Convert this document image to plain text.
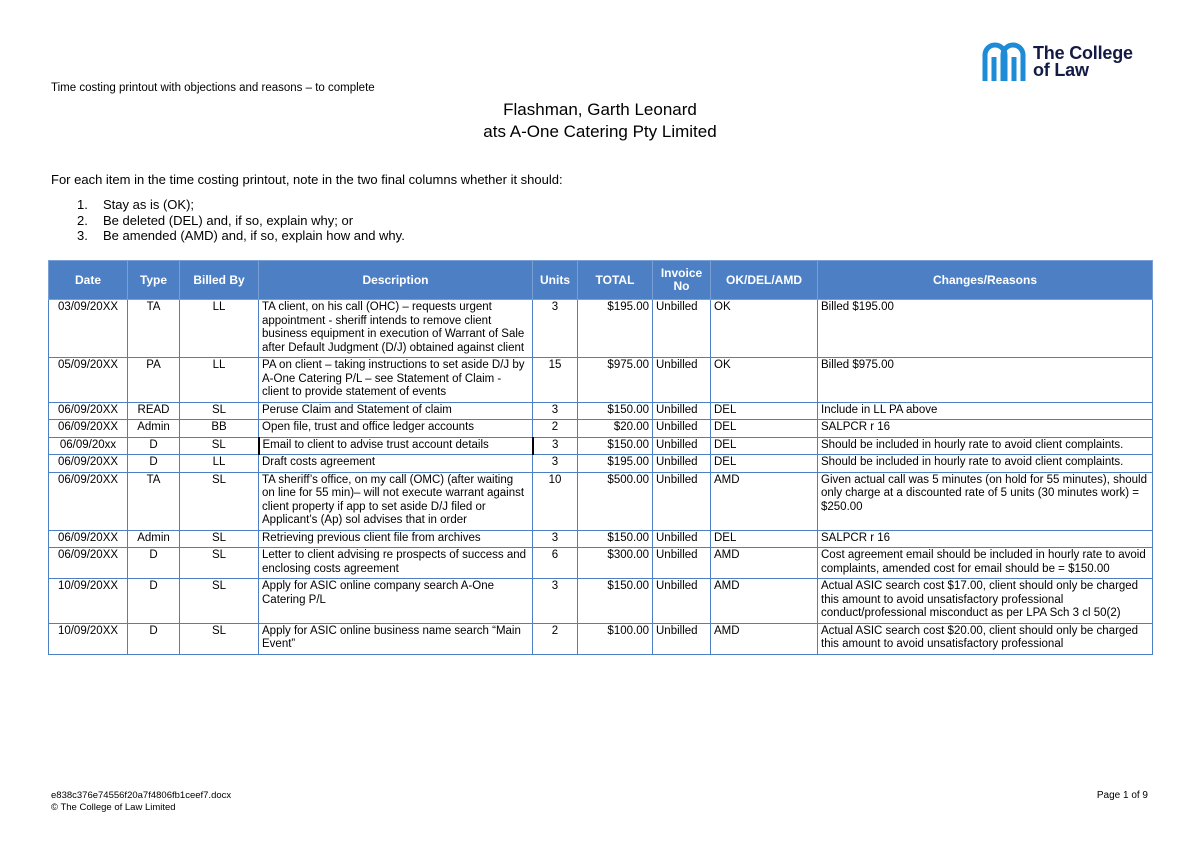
The College
of Law
Time costing printout with objections and reasons – to complete
Flashman, Garth Leonard
ats A-One Catering Pty Limited
For each item in the time costing printout, note in the two final columns whether it should:
1.	Stay as is (OK);
2.	Be deleted (DEL) and, if so, explain why; or
3.	Be amended (AMD) and, if so, explain how and why.
Date	Type	Billed By	Description	Units	TOTAL	Invoice No	OK/DEL/AMD	Changes/Reasons
03/09/20XX	TA	LL	TA client, on his call (OHC) – requests urgent appointment - sheriff intends to remove client business equipment in execution of Warrant of Sale after Default Judgment (D/J) obtained against client	3	$195.00	Unbilled	OK	Billed $195.00
05/09/20XX	PA	LL	PA on client – taking instructions to set aside D/J by A-One Catering P/L – see Statement of Claim - client to provide statement of events	15	$975.00	Unbilled	OK	Billed $975.00
06/09/20XX	READ	SL	Peruse Claim and Statement of claim	3	$150.00	Unbilled	DEL	Include in LL PA above
06/09/20XX	Admin	BB	Open file, trust and office ledger accounts	2	$20.00	Unbilled	DEL	SALPCR r 16
06/09/20xx	D	SL	Email to client to advise trust account details	3	$150.00	Unbilled	DEL	Should be included in hourly rate to avoid client complaints.
06/09/20XX	D	LL	Draft costs agreement	3	$195.00	Unbilled	DEL	Should be included in hourly rate to avoid client complaints.
06/09/20XX	TA	SL	TA sheriff’s office, on my call (OMC) (after waiting on line for 55 min)– will not execute warrant against client property if app to set aside D/J filed or Applicant’s (Ap) sol advises that in order	10	$500.00	Unbilled	AMD	Given actual call was 5 minutes (on hold for 55 minutes), should only charge at a discounted rate of 5 units (30 minutes work) = $250.00
06/09/20XX	Admin	SL	Retrieving previous client file from archives	3	$150.00	Unbilled	DEL	SALPCR r 16
06/09/20XX	D	SL	Letter to client advising re prospects of success and enclosing costs agreement	6	$300.00	Unbilled	AMD	Cost agreement email should be included in hourly rate to avoid complaints, amended cost for email should be = $150.00
10/09/20XX	D	SL	Apply for ASIC online company search A-One Catering P/L	3	$150.00	Unbilled	AMD	Actual ASIC search cost $17.00, client should only be charged this amount to avoid unsatisfactory professional conduct/professional misconduct as per LPA Sch 3 cl 50(2)
10/09/20XX	D	SL	Apply for ASIC online business name search “Main Event”	2	$100.00	Unbilled	AMD	Actual ASIC search cost $20.00, client should only be charged this amount to avoid unsatisfactory professional
e838c376e74556f20a7f4806fb1ceef7.docx
© The College of Law Limited
Page 1 of 9
